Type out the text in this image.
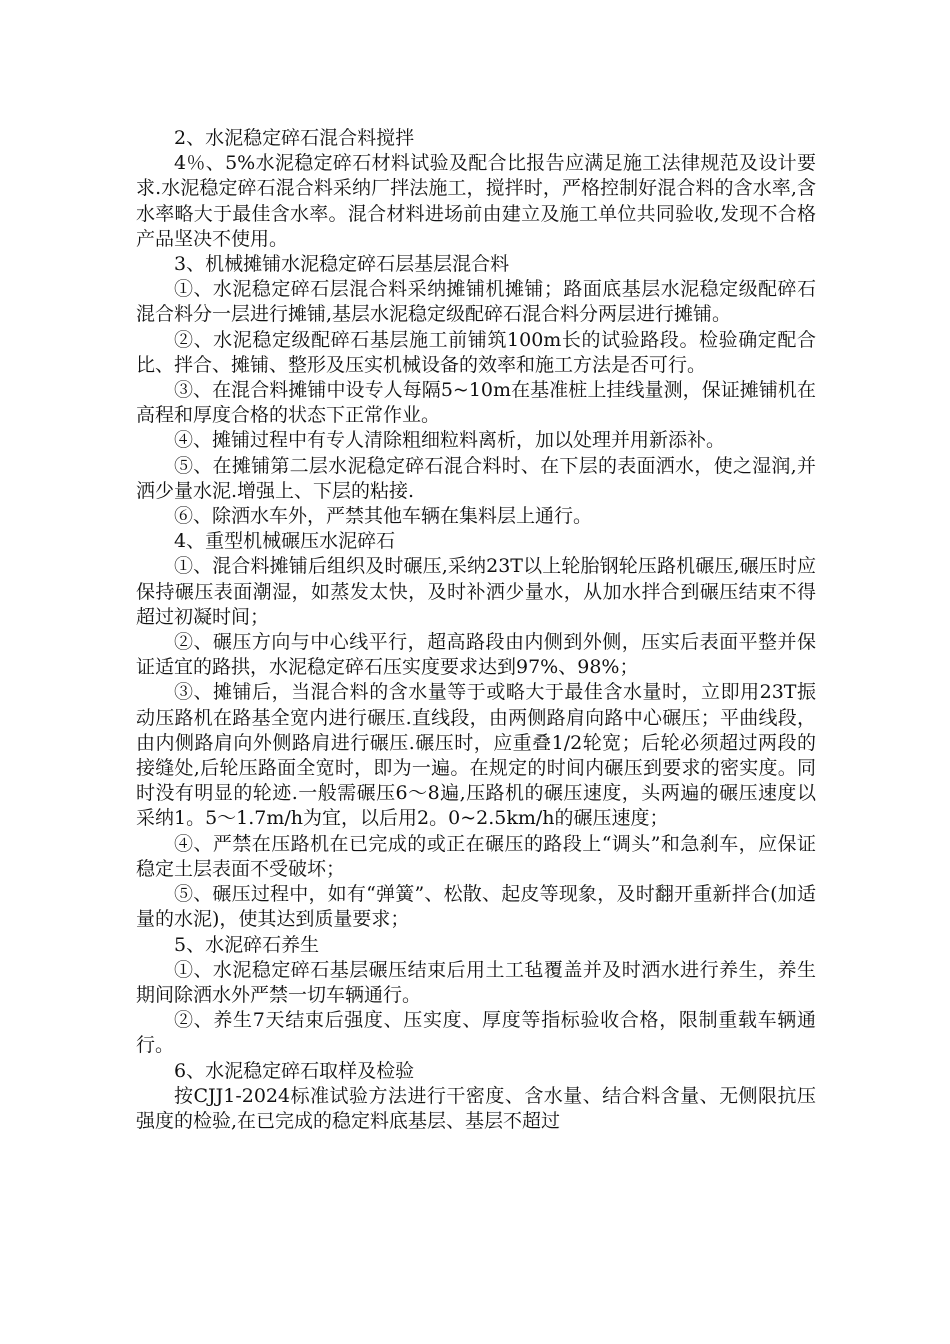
2、水泥稳定碎石混合料搅拌

4％、5%水泥稳定碎石材料试验及配合比报告应满足施工法律规范及设计要求.水泥稳定碎石混合料采纳厂拌法施工，搅拌时，严格控制好混合料的含水率,含水率略大于最佳含水率。混合材料进场前由建立及施工单位共同验收,发现不合格产品坚决不使用。

3、机械摊铺水泥稳定碎石层基层混合料

①、水泥稳定碎石层混合料采纳摊铺机摊铺；路面底基层水泥稳定级配碎石混合料分一层进行摊铺,基层水泥稳定级配碎石混合料分两层进行摊铺。

②、水泥稳定级配碎石基层施工前铺筑100m长的试验路段。检验确定配合比、拌合、摊铺、整形及压实机械设备的效率和施工方法是否可行。

③、在混合料摊铺中设专人每隔5~10m在基准桩上挂线量测，保证摊铺机在高程和厚度合格的状态下正常作业。

④、摊铺过程中有专人清除粗细粒料离析，加以处理并用新添补。

⑤、在摊铺第二层水泥稳定碎石混合料时、在下层的表面洒水，使之湿润,并洒少量水泥.增强上、下层的粘接.

⑥、除洒水车外，严禁其他车辆在集料层上通行。

4、重型机械碾压水泥碎石

①、混合料摊铺后组织及时碾压,采纳23T以上轮胎钢轮压路机碾压,碾压时应保持碾压表面潮湿，如蒸发太快，及时补洒少量水，从加水拌合到碾压结束不得超过初凝时间；

②、碾压方向与中心线平行，超高路段由内侧到外侧，压实后表面平整并保证适宜的路拱，水泥稳定碎石压实度要求达到97%、98%；

③、摊铺后，当混合料的含水量等于或略大于最佳含水量时，立即用23T振动压路机在路基全宽内进行碾压.直线段，由两侧路肩向路中心碾压；平曲线段，由内侧路肩向外侧路肩进行碾压.碾压时，应重叠1/2轮宽；后轮必须超过两段的接缝处,后轮压路面全宽时，即为一遍。在规定的时间内碾压到要求的密实度。同时没有明显的轮迹.一般需碾压6～8遍,压路机的碾压速度，头两遍的碾压速度以采纳1。5～1.7m/h为宜，以后用2。0~2.5km/h的碾压速度；

④、严禁在压路机在已完成的或正在碾压的路段上“调头”和急刹车，应保证稳定土层表面不受破坏；

⑤、碾压过程中，如有“弹簧”、松散、起皮等现象，及时翻开重新拌合(加适量的水泥)，使其达到质量要求；

5、水泥碎石养生

①、水泥稳定碎石基层碾压结束后用土工毡覆盖并及时洒水进行养生，养生期间除洒水外严禁一切车辆通行。

②、养生7天结束后强度、压实度、厚度等指标验收合格，限制重载车辆通行。

6、水泥稳定碎石取样及检验

按CJJ1-2024标准试验方法进行干密度、含水量、结合料含量、无侧限抗压强度的检验,在已完成的稳定料底基层、基层不超过
